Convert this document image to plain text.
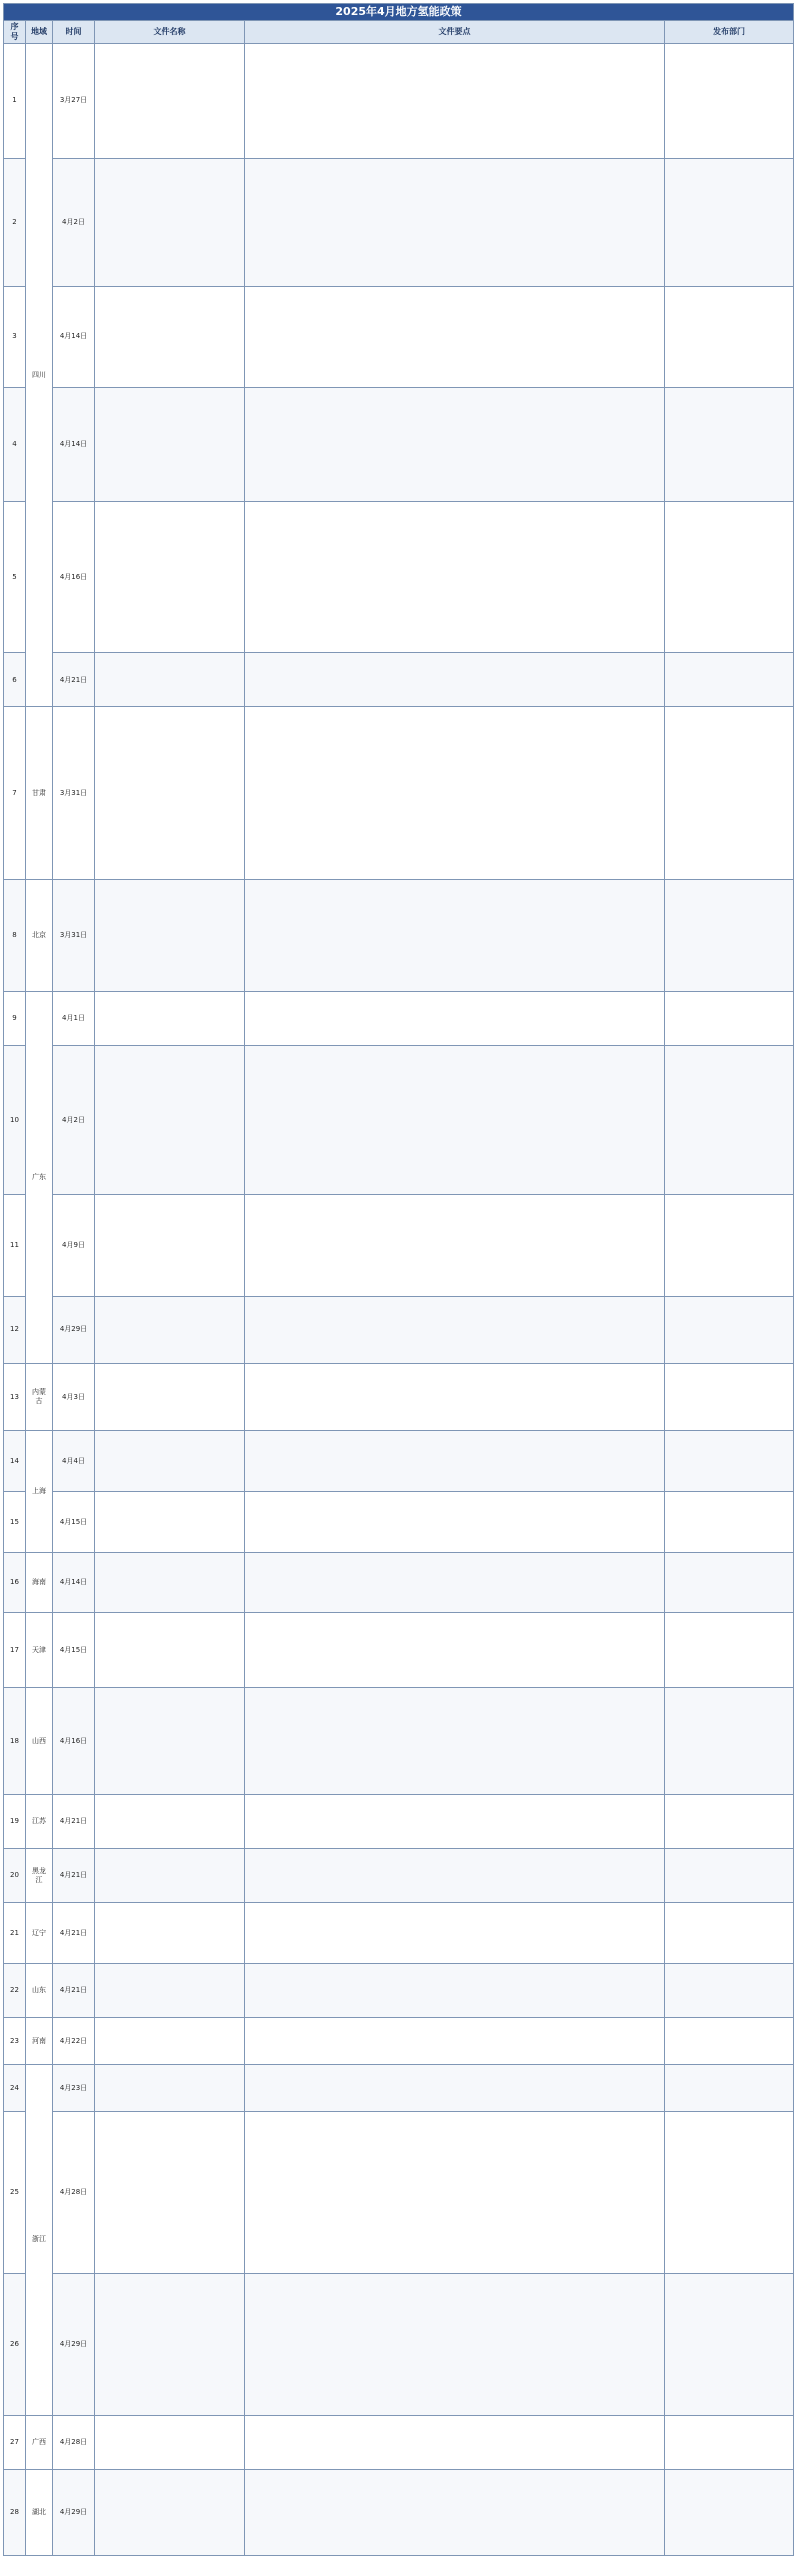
2025年4月地方氢能政策					
序号	地域	时间	文件名称	文件要点	发布部门
1	四川	3月27日			
2		4月2日			
3		4月14日			
4		4月14日			
5		4月16日			
6		4月21日			
7	甘肃	3月31日			
8	北京	3月31日			
9	广东	4月1日			
10		4月2日			
11		4月9日			
12		4月29日			
13	内蒙古	4月3日			
14	上海	4月4日			
15		4月15日			
16	海南	4月14日			
17	天津	4月15日			
18	山西	4月16日			
19	江苏	4月21日			
20	黑龙江	4月21日			
21	辽宁	4月21日			
22	山东	4月21日			
23	河南	4月22日			
24	浙江	4月23日			
25		4月28日			
26		4月29日			
27	广西	4月28日			
28	湖北	4月29日			
